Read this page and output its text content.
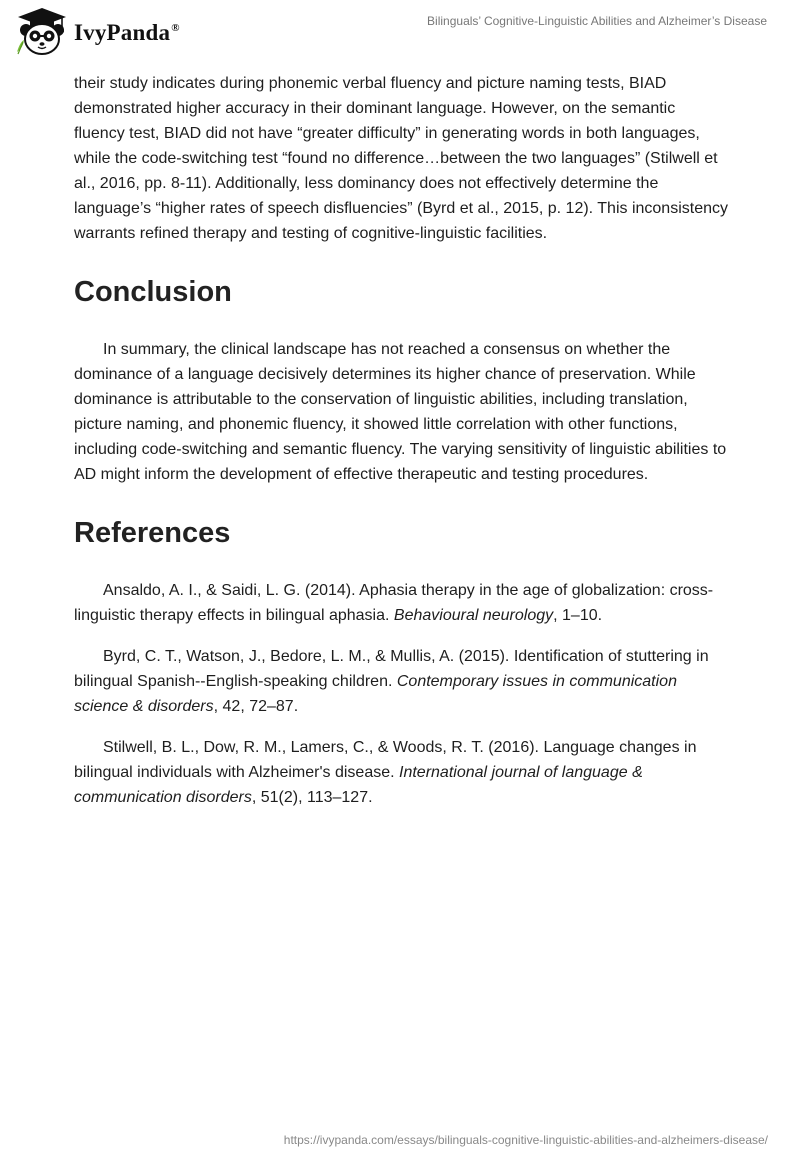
IvyPanda®
Bilinguals’ Cognitive-Linguistic Abilities and Alzheimer’s Disease

their study indicates during phonemic verbal fluency and picture naming tests, BIAD demonstrated higher accuracy in their dominant language. However, on the semantic fluency test, BIAD did not have “greater difficulty” in generating words in both languages, while the code-switching test “found no difference…between the two languages” (Stilwell et al., 2016, pp. 8-11). Additionally, less dominancy does not effectively determine the language’s “higher rates of speech disfluencies” (Byrd et al., 2015, p. 12). This inconsistency warrants refined therapy and testing of cognitive-linguistic facilities.

Conclusion

In summary, the clinical landscape has not reached a consensus on whether the dominance of a language decisively determines its higher chance of preservation. While dominance is attributable to the conservation of linguistic abilities, including translation, picture naming, and phonemic fluency, it showed little correlation with other functions, including code-switching and semantic fluency. The varying sensitivity of linguistic abilities to AD might inform the development of effective therapeutic and testing procedures.

References

Ansaldo, A. I., & Saidi, L. G. (2014). Aphasia therapy in the age of globalization: cross-linguistic therapy effects in bilingual aphasia. Behavioural neurology, 1–10.

Byrd, C. T., Watson, J., Bedore, L. M., & Mullis, A. (2015). Identification of stuttering in bilingual Spanish--English-speaking children. Contemporary issues in communication science & disorders, 42, 72–87.

Stilwell, B. L., Dow, R. M., Lamers, C., & Woods, R. T. (2016). Language changes in bilingual individuals with Alzheimer's disease. International journal of language & communication disorders, 51(2), 113–127.

https://ivypanda.com/essays/bilinguals-cognitive-linguistic-abilities-and-alzheimers-disease/
